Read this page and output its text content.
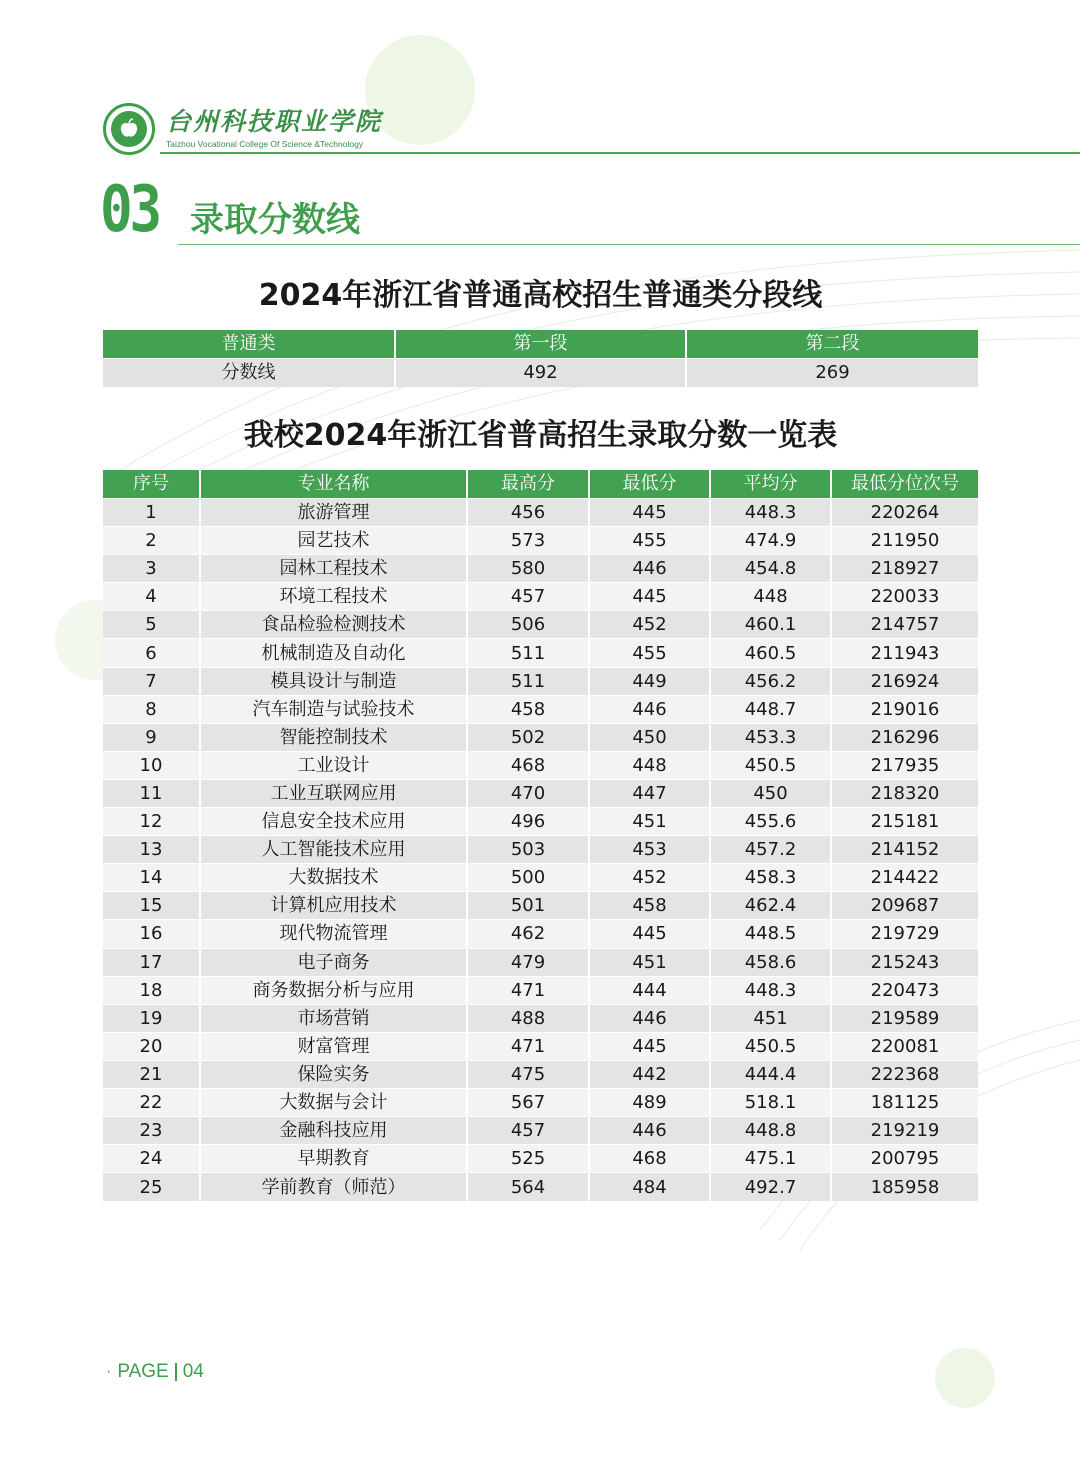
台州科技职业学院
Taizhou Vocational College Of Science &Technology
03 录取分数线
2024年浙江省普通高校招生普通类分段线
普通类	第一段	第二段
分数线	492	269
我校2024年浙江省普高招生录取分数一览表
序号	专业名称	最高分	最低分	平均分	最低分位次号
1	旅游管理	456	445	448.3	220264
2	园艺技术	573	455	474.9	211950
3	园林工程技术	580	446	454.8	218927
4	环境工程技术	457	445	448	220033
5	食品检验检测技术	506	452	460.1	214757
6	机械制造及自动化	511	455	460.5	211943
7	模具设计与制造	511	449	456.2	216924
8	汽车制造与试验技术	458	446	448.7	219016
9	智能控制技术	502	450	453.3	216296
10	工业设计	468	448	450.5	217935
11	工业互联网应用	470	447	450	218320
12	信息安全技术应用	496	451	455.6	215181
13	人工智能技术应用	503	453	457.2	214152
14	大数据技术	500	452	458.3	214422
15	计算机应用技术	501	458	462.4	209687
16	现代物流管理	462	445	448.5	219729
17	电子商务	479	451	458.6	215243
18	商务数据分析与应用	471	444	448.3	220473
19	市场营销	488	446	451	219589
20	财富管理	471	445	450.5	220081
21	保险实务	475	442	444.4	222368
22	大数据与会计	567	489	518.1	181125
23	金融科技应用	457	446	448.8	219219
24	早期教育	525	468	475.1	200795
25	学前教育（师范）	564	484	492.7	185958
· PAGE 04
